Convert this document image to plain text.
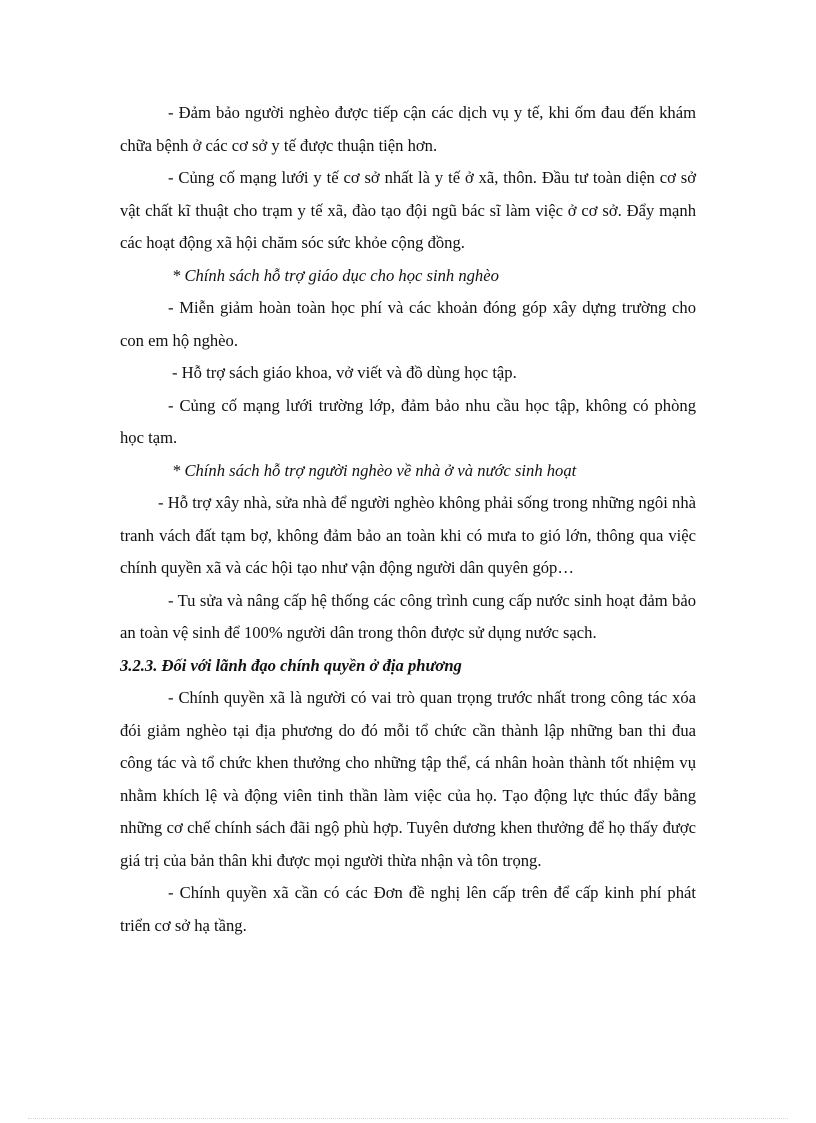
- Đảm bảo người nghèo được tiếp cận các dịch vụ y tế, khi ốm đau đến khám chữa bệnh ở các cơ sở y tế được thuận tiện hơn.

- Củng cố mạng lưới y tế cơ sở nhất là y tế ở xã, thôn. Đầu tư toàn diện cơ sở vật chất kĩ thuật cho trạm y tế xã, đào tạo đội ngũ bác sĩ làm việc ở cơ sở. Đẩy mạnh các hoạt động xã hội chăm sóc sức khỏe cộng đồng.

* Chính sách hỗ trợ giáo dục cho học sinh nghèo

- Miễn giảm hoàn toàn học phí và các khoản đóng góp xây dựng trường cho con em hộ nghèo.

- Hỗ trợ sách giáo khoa, vở viết và đồ dùng học tập.

- Củng cố mạng lưới trường lớp, đảm bảo nhu cầu học tập, không có phòng học tạm.

* Chính sách hỗ trợ người nghèo về nhà ở và nước sinh hoạt

- Hỗ trợ xây nhà, sửa nhà để người nghèo không phải sống trong những ngôi nhà tranh vách đất tạm bợ, không đảm bảo an toàn khi có mưa to gió lớn, thông qua việc chính quyền xã và các hội tạo như vận động người dân quyên góp…

- Tu sửa và nâng cấp hệ thống các công trình cung cấp nước sinh hoạt đảm bảo an toàn vệ sinh để 100% người dân trong thôn được sử dụng nước sạch.

3.2.3. Đối với lãnh đạo chính quyền ở địa phương

- Chính quyền xã là người có vai trò quan trọng trước nhất trong công tác xóa đói giảm nghèo tại địa phương do đó mỗi tổ chức cần thành lập những ban thi đua công tác và tổ chức khen thưởng cho những tập thể, cá nhân hoàn thành tốt nhiệm vụ nhằm khích lệ và động viên tinh thần làm việc của họ. Tạo động lực thúc đẩy bằng những cơ chế chính sách đãi ngộ phù hợp. Tuyên dương khen thưởng để họ thấy được giá trị của bản thân khi được mọi người thừa nhận và tôn trọng.

- Chính quyền xã cần có các Đơn đề nghị lên cấp trên để cấp kinh phí phát triển cơ sở hạ tầng.
